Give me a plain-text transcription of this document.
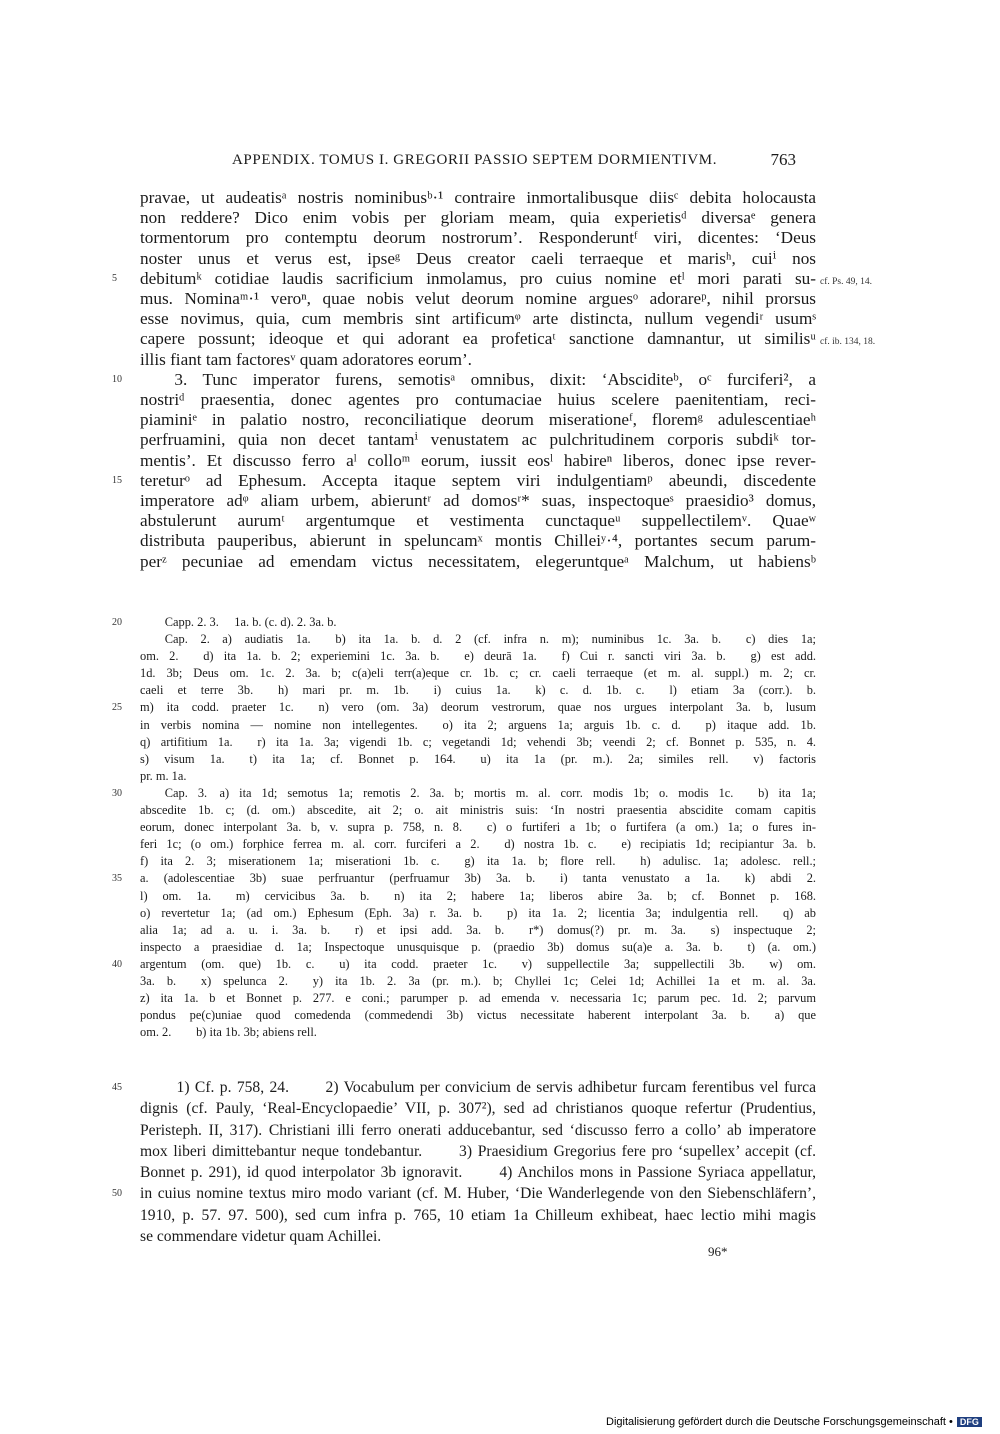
APPENDIX. TOMUS I. GREGORII PASSIO SEPTEM DORMIENTIVM.	763
pravae, ut audeatisᵃ nostris nominibusᵇ·¹ contraire inmortalibusque diisᶜ debita holocausta
non reddere? Dico enim vobis per gloriam meam, quia experietisᵈ diversaᵉ genera
tormentorum pro contemptu deorum nostrorum’. Responderuntᶠ viri, dicentes: ‘Deus
noster unus et verus est, ipseᵍ Deus creator caeli terraeque et marisʰ, cuiⁱ nos
debitumᵏ cotidiae laudis sacrificium inmolamus, pro cuius nomine etˡ mori parati su-
5	cf. Ps. 49, 14.
mus. Nominaᵐ·¹ veroⁿ, quae nobis velut deorum nomine arguesᵒ adorareᵖ, nihil prorsus
esse novimus, quia, cum membris sint artificumᵠ arte distincta, nullum vegendiʳ usumˢ
capere possunt; ideoque et qui adorant ea profeticaᵗ sanctione damnantur, ut similisᵘ cf. ib. 134, 18.
illis fiant tam factoresᵛ quam adoratores eorum’.
  3. Tunc imperator furens, semotisᵃ omnibus, dixit: ‘Absciditeᵇ, oᶜ furciferi², a
10
nostriᵈ praesentia, donec agentes pro contumaciae huius scelere paenitentiam, reci-
piaminiᵉ in palatio nostro, reconciliatique deorum miserationeᶠ, floremᵍ adulescentiaeʰ
perfruamini, quia non decet tantamⁱ venustatem ac pulchritudinem corporis subdiᵏ tor-
mentis’. Et discusso ferro aˡ colloᵐ eorum, iussit eosˡ habireⁿ liberos, donec ipse rever-
tereturᵒ ad Ephesum. Accepta itaque septem viri indulgentiamᵖ abeundi, discedente
15
imperatore adᵠ aliam urbem, abieruntʳ ad domosʳ* suas, inspectoqueˢ praesidio³ domus,
abstulerunt aurumᵗ argentumque et vestimenta cunctaqueᵘ suppellectilemᵛ. Quaeʷ
distributa pauperibus, abierunt in speluncamˣ montis Chilleiʸ·⁴, portantes secum parum-
perᶻ pecuniae ad emendam victus necessitatem, elegeruntqueᵃ Malchum, ut habiensᵇ
  Capp. 2. 3.  1a. b. (c. d). 2. 3a. b.
20
  Cap. 2. a) audiatis 1a.  b) ita 1a. b. d. 2 (cf. infra n. m); numinibus 1c. 3a. b.  c) dies 1a;
om. 2.  d) ita 1a. b. 2; experiemini 1c. 3a. b.  e) deurā 1a.  f) Cui r. sancti viri 3a. b.  g) est add.
1d. 3b; Deus om. 1c. 2. 3a. b; c(a)eli terr(a)eque cr. 1b. c; cr. caeli terraeque (et m. al. suppl.) m. 2; cr.
caeli et terre 3b.  h) mari pr. m. 1b.  i) cuius 1a.  k) c. d. 1b. c.  l) etiam 3a (corr.). b.
m) ita codd. praeter 1c.  n) vero (om. 3a) deorum vestrorum, quae nos urgues interpolant 3a. b, lusum
25
in verbis nomina — nomine non intellegentes.  o) ita 2; arguens 1a; arguis 1b. c. d.  p) itaque add. 1b.
q) artifitium 1a.  r) ita 1a. 3a; vigendi 1b. c; vegetandi 1d; vehendi 3b; veendi 2; cf. Bonnet p. 535, n. 4.
s) visum 1a.  t) ita 1a; cf. Bonnet p. 164.  u) ita 1a (pr. m.). 2a; similes rell.  v) factoris
pr. m. 1a.
  Cap. 3. a) ita 1d; semotus 1a; remotis 2. 3a. b; mortis m. al. corr. modis 1b; o. modis 1c.  b) ita 1a;
30
abscedite 1b. c; (d. om.) abscedite, ait 2; o. ait ministris suis: ‘In nostri praesentia abscidite comam capitis
eorum, donec interpolant 3a. b, v. supra p. 758, n. 8.  c) o furtiferi a 1b; o furtifera (a om.) 1a; o fures in-
feri 1c; (o om.) forphice ferrea m. al. corr. furciferi a 2.  d) nostra 1b. c.  e) recipiatis 1d; recipiantur 3a. b.
f) ita 2. 3; miserationem 1a; miserationi 1b. c.  g) ita 1a. b; flore rell.  h) adulisc. 1a; adolesc. rell.;
a. (adolescentiae 3b) suae perfruantur (perfruamur 3b) 3a. b.  i) tanta venustato a 1a.  k) abdi 2.
35
l) om. 1a.  m) cervicibus 3a. b.  n) ita 2; habere 1a; liberos abire 3a. b; cf. Bonnet p. 168.
o) revertetur 1a; (ad om.) Ephesum (Eph. 3a) r. 3a. b.  p) ita 1a. 2; licentia 3a; indulgentia rell.  q) ab
alia 1a; ad a. u. i. 3a. b.  r) et ipsi add. 3a. b.  r*) domus(?) pr. m. 3a.  s) inspectuque 2;
inspecto a praesidiae d. 1a; Inspectoque unusquisque p. (praedio 3b) domus su(a)e a. 3a. b.  t) (a. om.)
argentum (om. que) 1b. c.  u) ita codd. praeter 1c.  v) suppellectile 3a; suppellectili 3b.  w) om.
40
3a. b.  x) speluncа 2.  y) ita 1b. 2. 3a (pr. m.). b; Chyllei 1c; Celei 1d; Achillei 1a et m. al. 3a.
z) ita 1a. b et Bonnet p. 277. e coni.; parumper p. ad emenda v. necessaria 1c; parum pec. 1d. 2; parvum
pondus pe(c)uniae quod comedenda (commedendi 3b) victus necessitate haberent interpolant 3a. b.  a) que
om. 2.  b) ita 1b. 3b; abiens rell.
   1) Cf. p. 758, 24.   2) Vocabulum per convicium de servis adhibetur furcam ferentibus vel furca
45
dignis (cf. Pauly, ‘Real-Encyclopaedie’ VII, p. 307²), sed ad christianos quoque refertur (Prudentius,
Peristeph. II, 317). Christiani illi ferro onerati adducebantur, sed ‘discusso ferro a collo’ ab imperatore
mox liberi dimittebantur neque tondebantur.   3) Praesidium Gregorius fere pro ‘supellex’ accepit (cf.
Bonnet p. 291), id quod interpolator 3b ignoravit.   4) Anchilos mons in Passione Syriaca appellatur,
in cuius nomine textus miro modo variant (cf. M. Huber, ‘Die Wanderlegende von den Siebenschläfern’,
50
1910, p. 57. 97. 500), sed cum infra p. 765, 10 etiam 1a Chilleum exhibeat, haec lectio mihi magis
se commendare videtur quam Achillei.
96*
Digitalisierung gefördert durch die Deutsche Forschungsgemeinschaft • DFG
